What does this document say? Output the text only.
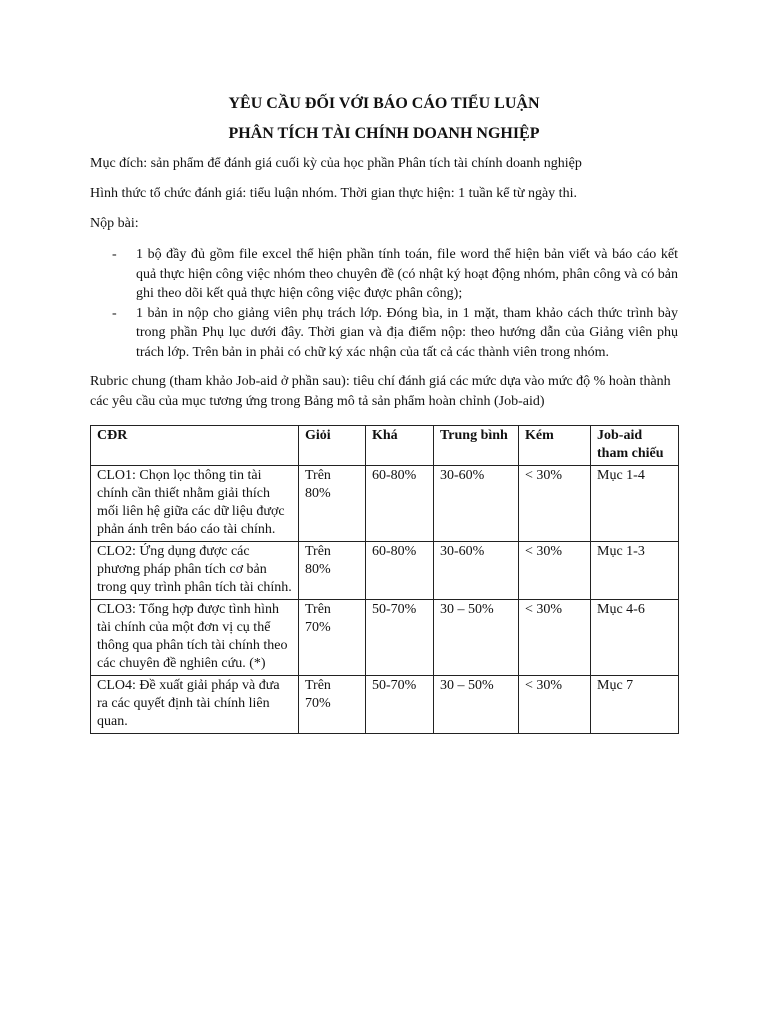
YÊU CẦU ĐỐI VỚI BÁO CÁO TIỂU LUẬN
PHÂN TÍCH TÀI CHÍNH DOANH NGHIỆP

Mục đích: sản phẩm để đánh giá cuối kỳ của học phần Phân tích tài chính doanh nghiệp

Hình thức tổ chức đánh giá: tiểu luận nhóm. Thời gian thực hiện: 1 tuần kể từ ngày thi.

Nộp bài:

- 1 bộ đầy đủ gồm file excel thể hiện phần tính toán, file word thể hiện bản viết và báo cáo kết quả thực hiện công việc nhóm theo chuyên đề (có nhật ký hoạt động nhóm, phân công và có bản ghi theo dõi kết quả thực hiện công việc được phân công);
- 1 bản in nộp cho giảng viên phụ trách lớp. Đóng bìa, in 1 mặt, tham khảo cách thức trình bày trong phần Phụ lục dưới đây. Thời gian và địa điểm nộp: theo hướng dẫn của Giảng viên phụ trách lớp. Trên bản in phải có chữ ký xác nhận của tất cả các thành viên trong nhóm.

Rubric chung (tham khảo Job-aid ở phần sau): tiêu chí đánh giá các mức dựa vào mức độ % hoàn thành các yêu cầu của mục tương ứng trong Bảng mô tả sản phẩm hoàn chỉnh (Job-aid)

CĐR	Giỏi	Khá	Trung bình	Kém	Job-aid tham chiếu
CLO1: Chọn lọc thông tin tài chính cần thiết nhằm giải thích mối liên hệ giữa các dữ liệu được phản ánh trên báo cáo tài chính.	Trên 80%	60-80%	30-60%	< 30%	Mục 1-4
CLO2: Ứng dụng được các phương pháp phân tích cơ bản trong quy trình phân tích tài chính.	Trên 80%	60-80%	30-60%	< 30%	Mục 1-3
CLO3: Tổng hợp được tình hình tài chính của một đơn vị cụ thể thông qua phân tích tài chính theo các chuyên đề nghiên cứu. (*)	Trên 70%	50-70%	30 – 50%	< 30%	Mục 4-6
CLO4: Đề xuất giải pháp và đưa ra các quyết định tài chính liên quan.	Trên 70%	50-70%	30 – 50%	< 30%	Mục 7
